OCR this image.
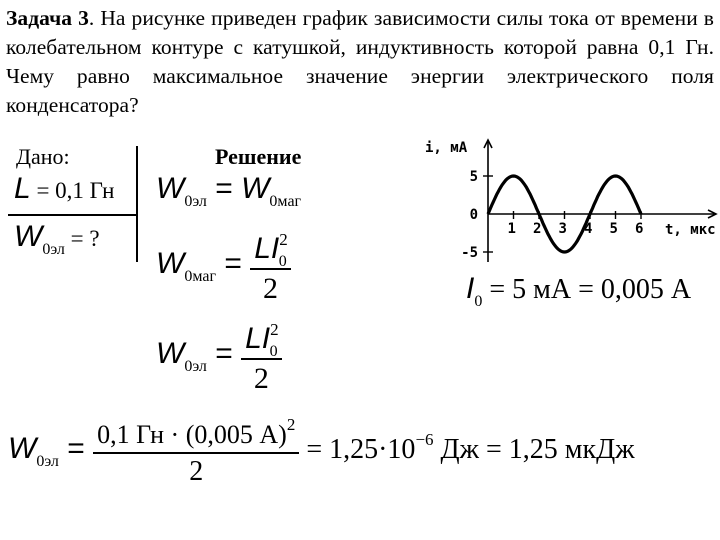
Задача 3. На рисунке приведен график зависимости силы тока от времени в колебательном контуре с катушкой, индуктивность которой равна 0,1 Гн. Чему равно максимальное значение энергии электрического поля конденсатора?
Дано:	Решение
L = 0,1 Гн
W0эл = ?
W0эл = W0маг
$W0маг = \frac{LI20}{2}$
$W0эл = \frac{LI20}{2}$
I0 = 5 мА = 0,005 А
$W0эл = \frac{0,1 Гн \cdot (0,005 А)^2}{2} = 1,25\cdot 10-6$ Дж = 1,25 мкДж
5
0
-5
1 2 3 4 5 6
i, мА
t, мкс
